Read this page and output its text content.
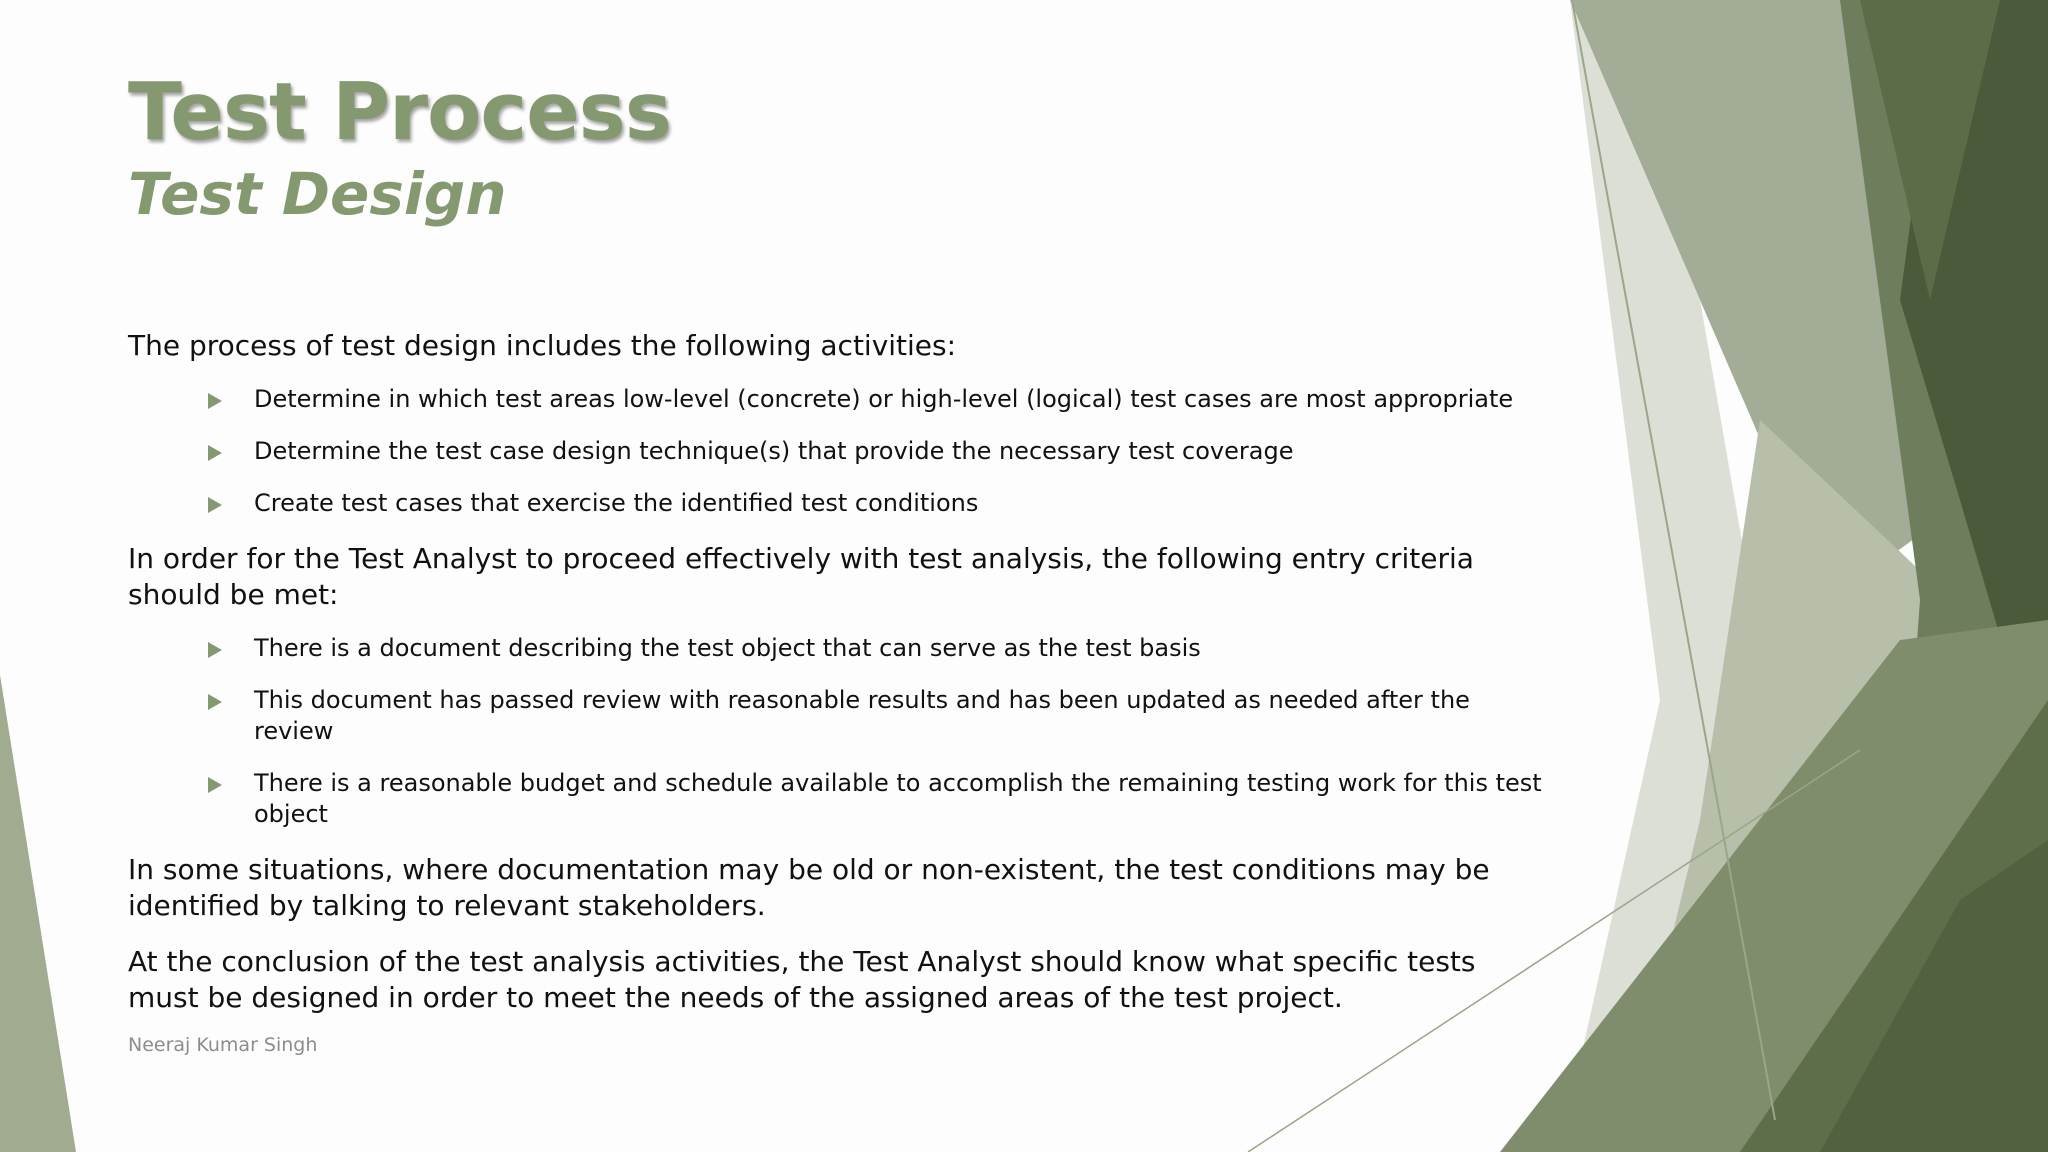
Test Process
Test Design

The process of test design includes the following activities:

Determine in which test areas low-level (concrete) or high-level (logical) test cases are most appropriate
Determine the test case design technique(s) that provide the necessary test coverage
Create test cases that exercise the identified test conditions

In order for the Test Analyst to proceed effectively with test analysis, the following entry criteria should be met:

There is a document describing the test object that can serve as the test basis
This document has passed review with reasonable results and has been updated as needed after the review
There is a reasonable budget and schedule available to accomplish the remaining testing work for this test object

In some situations, where documentation may be old or non-existent, the test conditions may be identified by talking to relevant stakeholders.

At the conclusion of the test analysis activities, the Test Analyst should know what specific tests must be designed in order to meet the needs of the assigned areas of the test project.

Neeraj Kumar Singh
